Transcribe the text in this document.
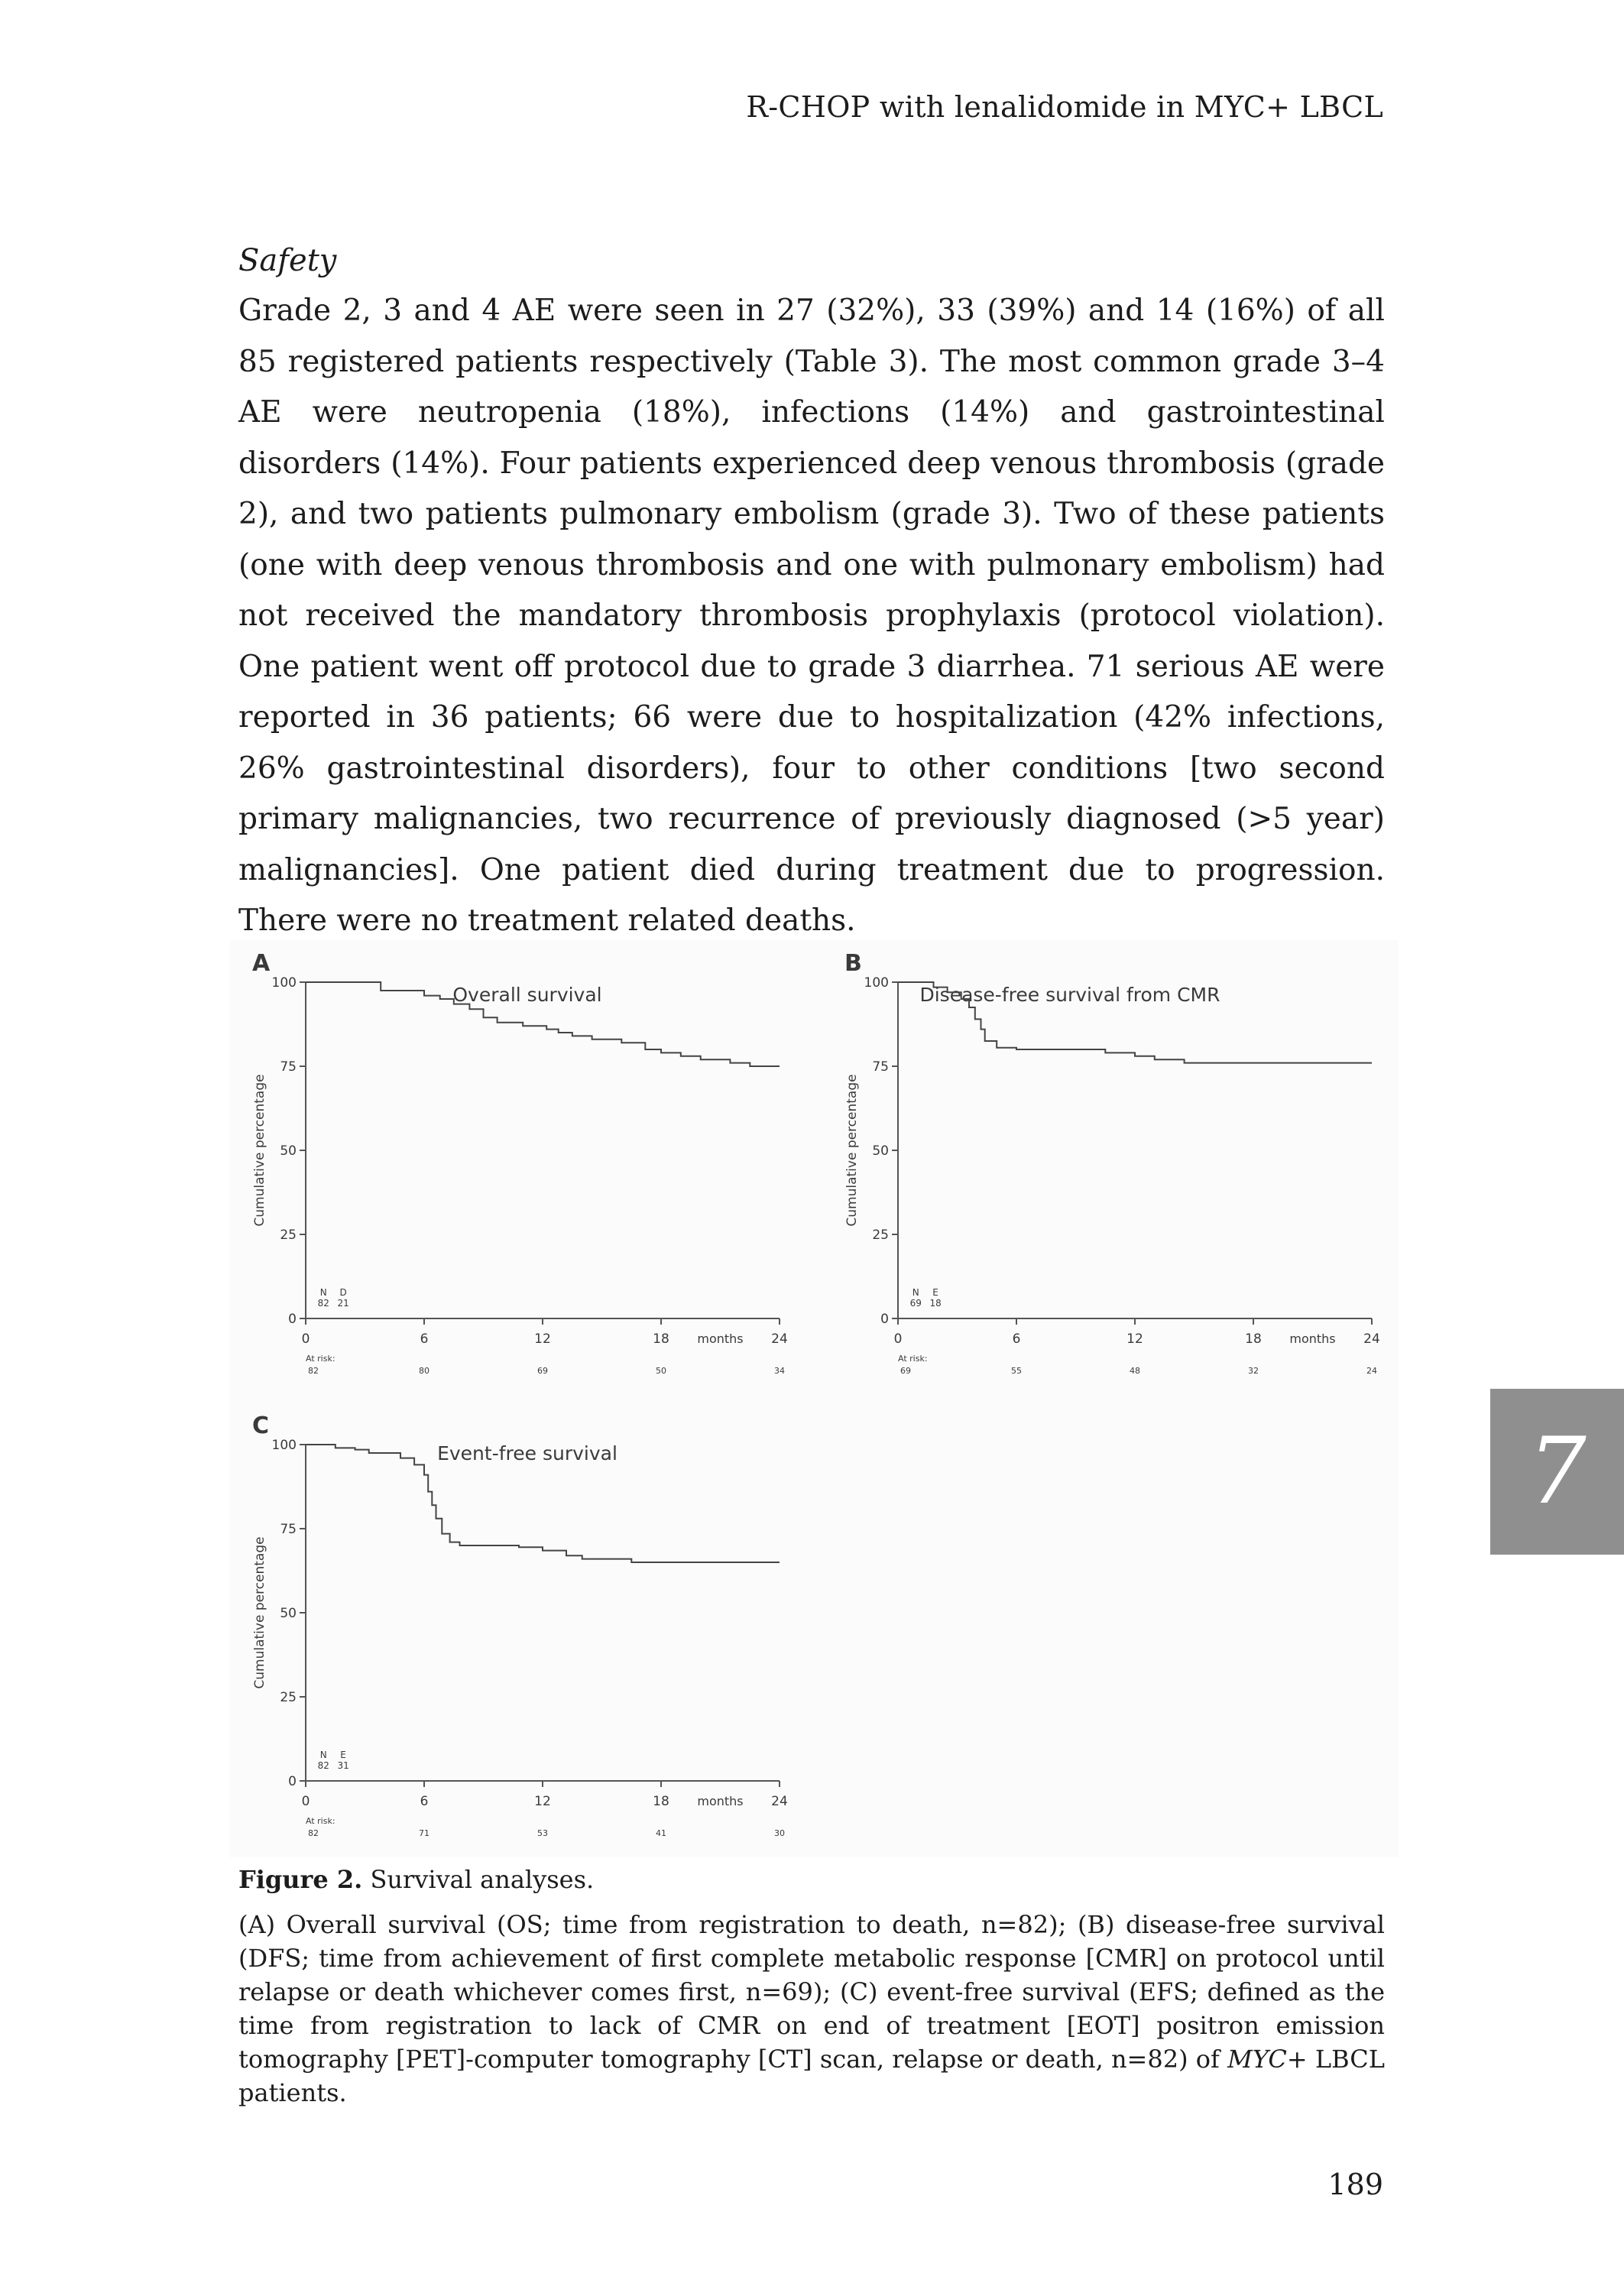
R-CHOP with lenalidomide in MYC+ LBCL
Safety

Grade 2, 3 and 4 AE were seen in 27 (32%), 33 (39%) and 14 (16%) of all 85 registered patients respectively (Table 3). The most common grade 3–4 AE were neutropenia (18%), infections (14%) and gastrointestinal disorders (14%). Four patients experienced deep venous thrombosis (grade 2), and two patients pulmonary embolism (grade 3). Two of these patients (one with deep venous thrombosis and one with pulmonary embolism) had not received the mandatory thrombosis prophylaxis (protocol violation). One patient went off protocol due to grade 3 diarrhea. 71 serious AE were reported in 36 patients; 66 were due to hospitalization (42% infections, 26% gastrointestinal disorders), four to other conditions [two second primary malignancies, two recurrence of previously diagnosed (>5 year) malignancies]. One patient died during treatment due to progression. There were no treatment related deaths.

A
0
25
50
75
100
0	6	12	18	24
months
Cumulative percentage
Overall survival
N
82
D
21
At risk:
82	80	69	50	34
B
0
25
50
75
100
0	6	12	18	24
months
Cumulative percentage
Disease-free survival from CMR
N
69
E
18
At risk:
69	55	48	32	24
C
0
25
50
75
100
0	6	12	18	24
months
Cumulative percentage
Event-free survival
N
82
E
31
At risk:
82	71	53	41	30
Figure 2. Survival analyses.

(A) Overall survival (OS; time from registration to death, n=82); (B) disease-free survival (DFS; time from achievement of first complete metabolic response [CMR] on protocol until relapse or death whichever comes first, n=69); (C) event-free survival (EFS; defined as the time from registration to lack of CMR on end of treatment [EOT] positron emission tomography [PET]-computer tomography [CT] scan, relapse or death, n=82) of MYC+ LBCL patients.

7
189
